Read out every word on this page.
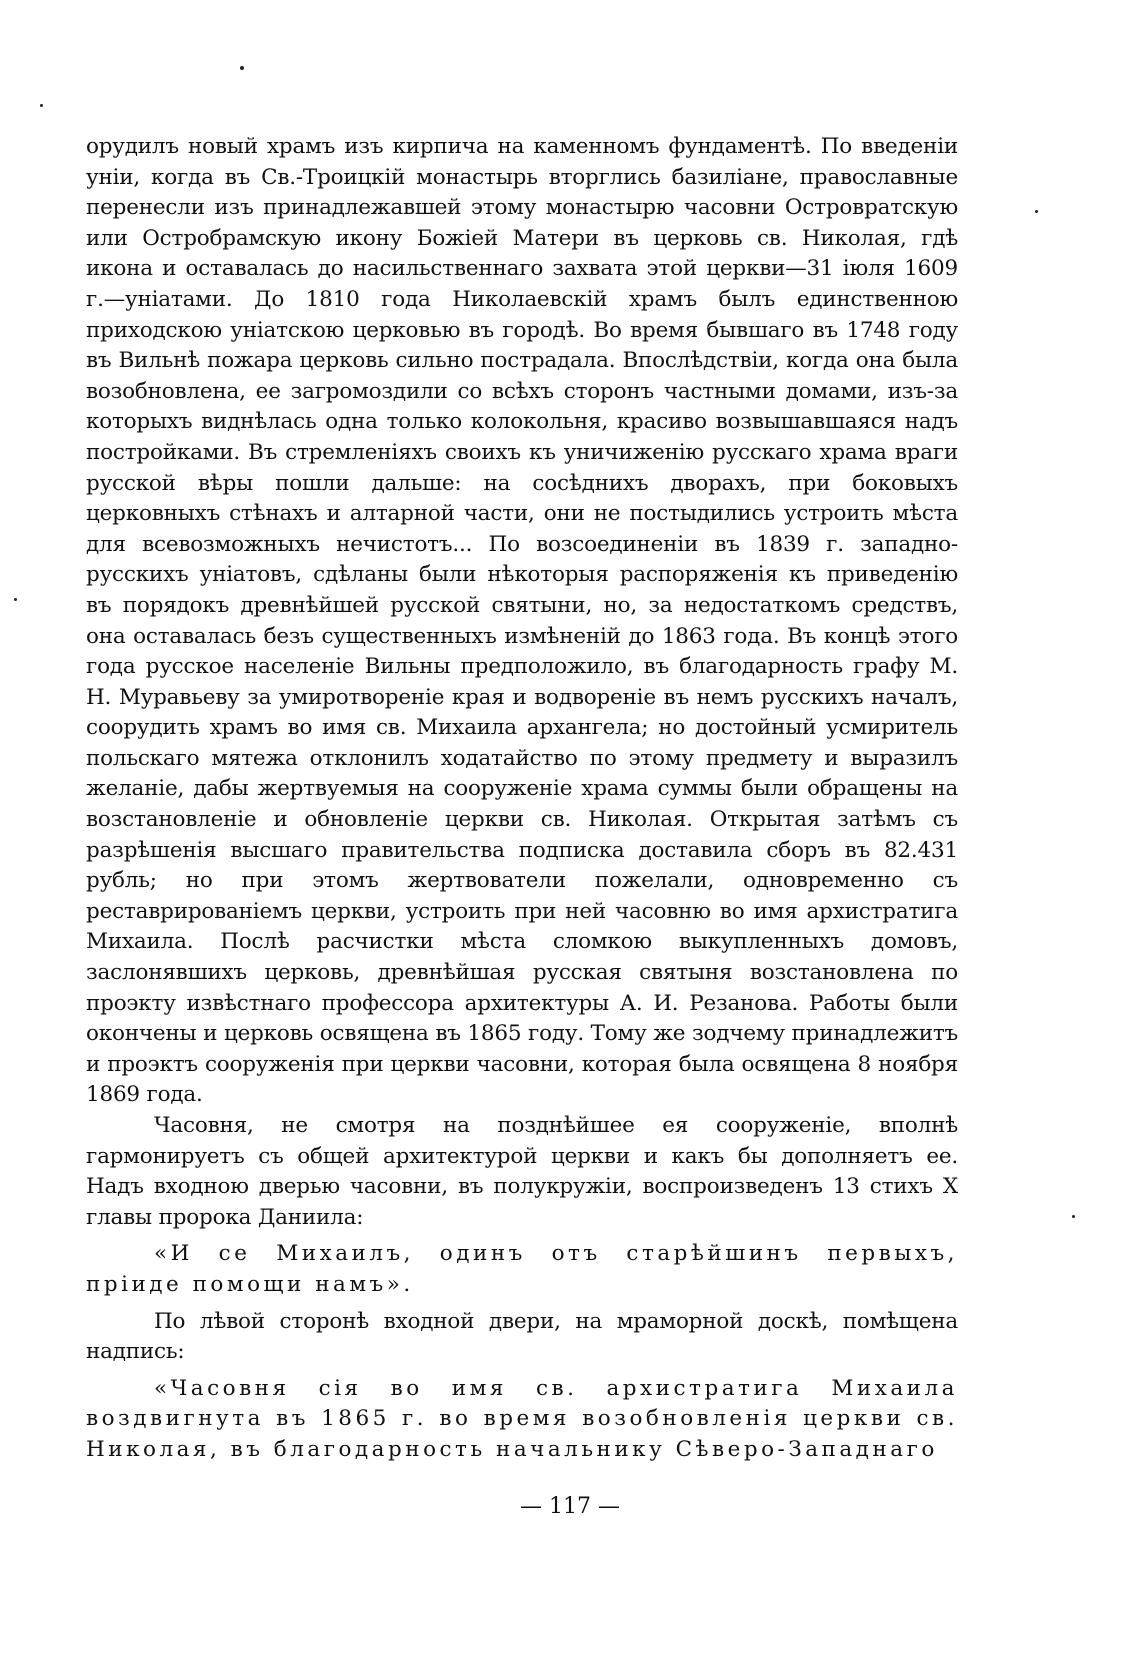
орудилъ новый храмъ изъ кирпича на каменномъ фундаментѣ. По введенiи унiи, когда въ Св.-Троицкiй монастырь вторглись базиліане, православные перенесли изъ принадлежавшей этому монастырю часовни Островратскую или Остробрамскую икону Божiей Матери въ церковь св. Николая, гдѣ икона и оставалась до насильственнаго захвата этой церкви—31 iюля 1609 г.—унiатами. До 1810 года Николаевскiй храмъ былъ единственною приходскою унiатскою церковью въ городѣ. Во время бывшаго въ 1748 году въ Вильнѣ пожара церковь сильно пострадала. Впослѣдствiи, когда она была возобновлена, ее загромоздили со всѣхъ сторонъ частными домами, изъ-за которыхъ виднѣлась одна только колокольня, красиво возвышавшаяся надъ постройками. Въ стремленiяхъ своихъ къ уничиженiю русскаго храма враги русской вѣры пошли дальше: на сосѣднихъ дворахъ, при боковыхъ церковныхъ стѣнахъ и алтарной части, они не постыдились устроить мѣста для всевозможныхъ нечистотъ... По возсоединенiи въ 1839 г. западно-русскихъ унiатовъ, сдѣланы были нѣкоторыя распоряженiя къ приведенiю въ порядокъ древнѣйшей русской святыни, но, за недостаткомъ средствъ, она оставалась безъ существенныхъ измѣненiй до 1863 года. Въ концѣ этого года русское населенiе Вильны предположило, въ благодарность графу М. Н. Муравьеву за умиротворенiе края и водворенiе въ немъ русскихъ началъ, соорудить храмъ во имя св. Михаила архангела; но достойный усмиритель польскаго мятежа отклонилъ ходатайство по этому предмету и выразилъ желанiе, дабы жертвуемыя на сооруженiе храма суммы были обращены на возстановленiе и обновленiе церкви св. Николая. Открытая затѣмъ съ разрѣшенiя высшаго правительства подписка доставила сборъ въ 82.431 рубль; но при этомъ жертвователи пожелали, одновременно съ реставрированiемъ церкви, устроить при ней часовню во имя архистратига Михаила. Послѣ расчистки мѣста сломкою выкупленныхъ домовъ, заслонявшихъ церковь, древнѣйшая русская святыня возстановлена по проэкту извѣстнаго профессора архитектуры А. И. Резанова. Работы были окончены и церковь освящена въ 1865 году. Тому же зодчему принадлежитъ и проэктъ сооруженiя при церкви часовни, которая была освящена 8 ноября 1869 года.

Часовня, не смотря на позднѣйшее ея сооруженiе, вполнѣ гармонируетъ съ общей архитектурой церкви и какъ бы дополняетъ ее. Надъ входною дверью часовни, въ полукружiи, воспроизведенъ 13 стихъ X главы пророка Даниила:

«И се Михаилъ, одинъ отъ старѣйшинъ первыхъ, прiиде помощи намъ».

По лѣвой сторонѣ входной двери, на мраморной доскѣ, помѣщена надпись:

«Часовня сiя во имя св. архистратига Михаила воздвигнута въ 1865 г. во время возобновленiя церкви св. Николая, въ благодарность начальнику Сѣверо-Западнаго

— 117 —
